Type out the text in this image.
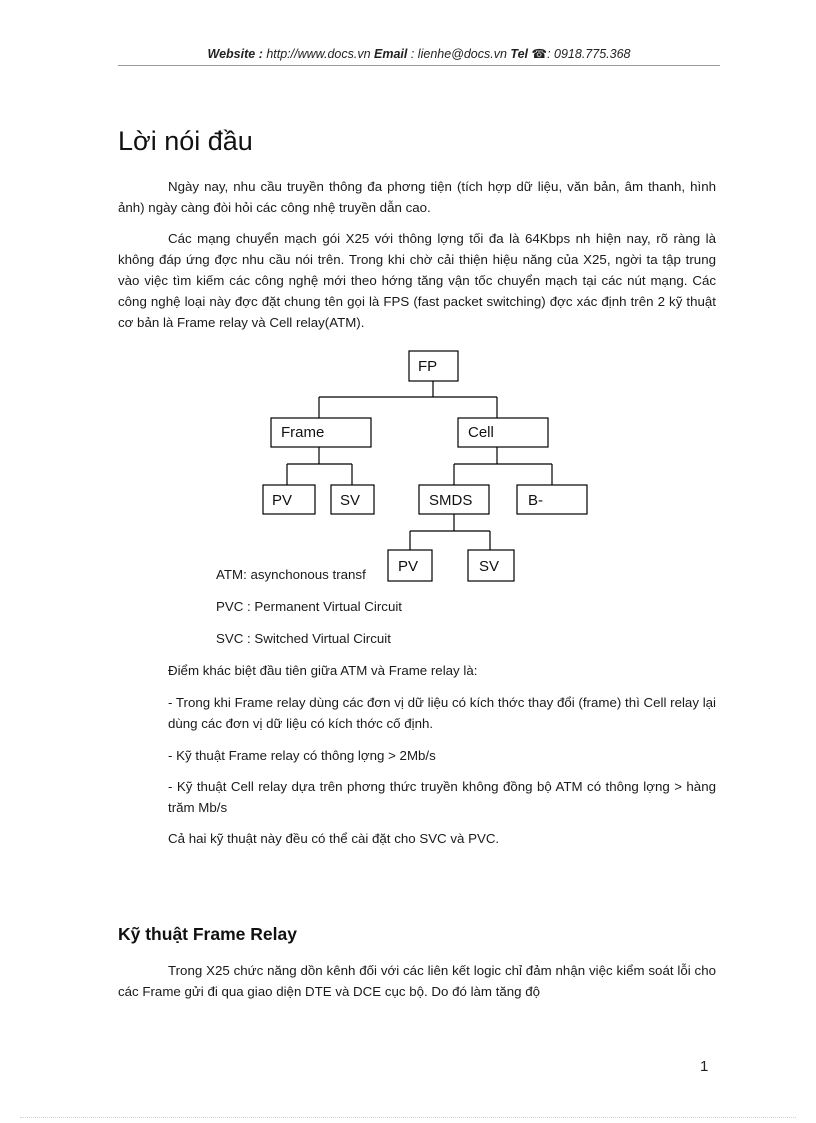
Website : http://www.docs.vn Email : lienhe@docs.vn Tel ☎: 0918.775.368
Lời nói đầu

Ngày nay, nhu cầu truyền thông đa phơng tiện (tích hợp dữ liệu, văn bản, âm thanh, hình ảnh) ngày càng đòi hỏi các công nhệ truyền dẫn cao.

Các mạng chuyển mạch gói X25 với thông lợng tối đa là 64Kbps nh hiện nay, rõ ràng là không đáp ứng đợc nhu cầu nói trên. Trong khi chờ cải thiện hiệu năng của X25, ngời ta tập trung vào việc tìm kiếm các công nghệ mới theo hớng tăng vận tốc chuyển mạch tại các nút mạng. Các công nghệ loại này đợc đặt chung tên gọi là FPS (fast packet switching) đợc xác định trên 2 kỹ thuật cơ bản là Frame relay và Cell relay(ATM).

FP
Frame	Cell
PV	SV	SMDS	B-

ATM: asynchonous transf	PV	SV

PVC : Permanent Virtual Circuit

SVC : Switched Virtual Circuit

Điểm khác biệt đầu tiên giữa ATM và Frame relay là:

- Trong khi Frame relay dùng các đơn vị dữ liệu có kích thớc thay đổi (frame) thì Cell relay lại dùng các đơn vị dữ liệu có kích thớc cố định.

- Kỹ thuật Frame relay có thông lợng > 2Mb/s

- Kỹ thuật Cell relay dựa trên phơng thức truyền không đồng bộ ATM có thông lợng > hàng trăm Mb/s

Cả hai kỹ thuật này đều có thể cài đặt cho SVC và PVC.

Kỹ thuật Frame Relay

Trong X25 chức năng dồn kênh đối với các liên kết logic chỉ đảm nhận việc kiểm soát lỗi cho các Frame gửi đi qua giao diện DTE và DCE cục bộ. Do đó làm tăng độ

1
